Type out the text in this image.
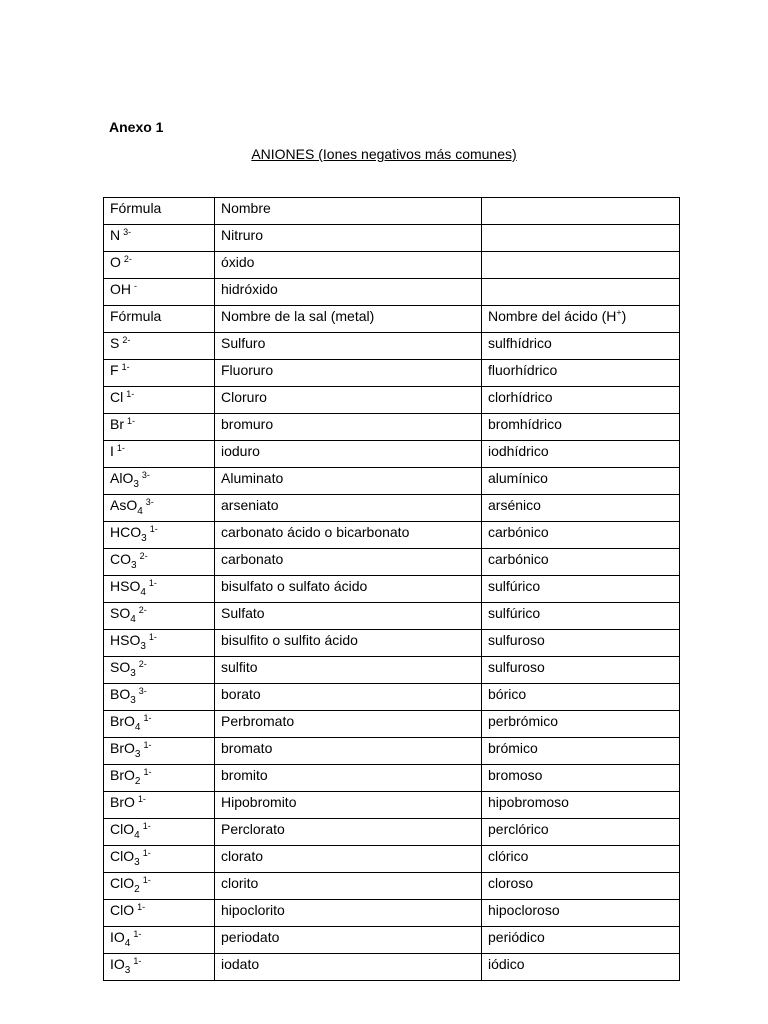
Anexo 1
ANIONES (Iones negativos más comunes)
Fórmula	Nombre	
N $^{3-}$	Nitruro	
O $^{2-}$	óxido	
OH -	hidróxido	
Fórmula	Nombre de la sal (metal)	Nombre del ácido (H+)
S $^{2-}$	Sulfuro	sulfhídrico
F $^{1-}$	Fluoruro	fluorhídrico
Cl $^{1-}$	Cloruro	clorhídrico
Br $^{1-}$	bromuro	bromhídrico
I $^{1-}$	ioduro	iodhídrico
AlO$_3^{3-}$	Aluminato	alumínico
AsO$_4^{3-}$	arseniato	arsénico
$HCO_3^{1-}$	carbonato ácido o bicarbonato	carbónico
$CO_3^{2-}$	carbonato	carbónico
$HSO_4^{1-}$	bisulfato o sulfato ácido	sulfúrico
$SO_4^{2-}$	Sulfato	sulfúrico
$HSO_3^{1-}$	bisulfito o sulfito ácido	sulfuroso
$SO_3^{2-}$	sulfito	sulfuroso
$BO_3^{3-}$	borato	bórico
BrO$_4^{1-}$	Perbromato	perbrómico
BrO$_3^{1-}$	bromato	brómico
BrO$_2^{1-}$	bromito	bromoso
BrO $^{1-}$	Hipobromito	hipobromoso
ClO$_4^{1-}$	Perclorato	perclórico
ClO$_3^{1-}$	clorato	clórico
ClO$_2^{1-}$	clorito	cloroso
ClO $^{1-}$	hipoclorito	hipocloroso
$IO_4^{1-}$	periodato	periódico
$IO_3^{1-}$	iodato	iódico
